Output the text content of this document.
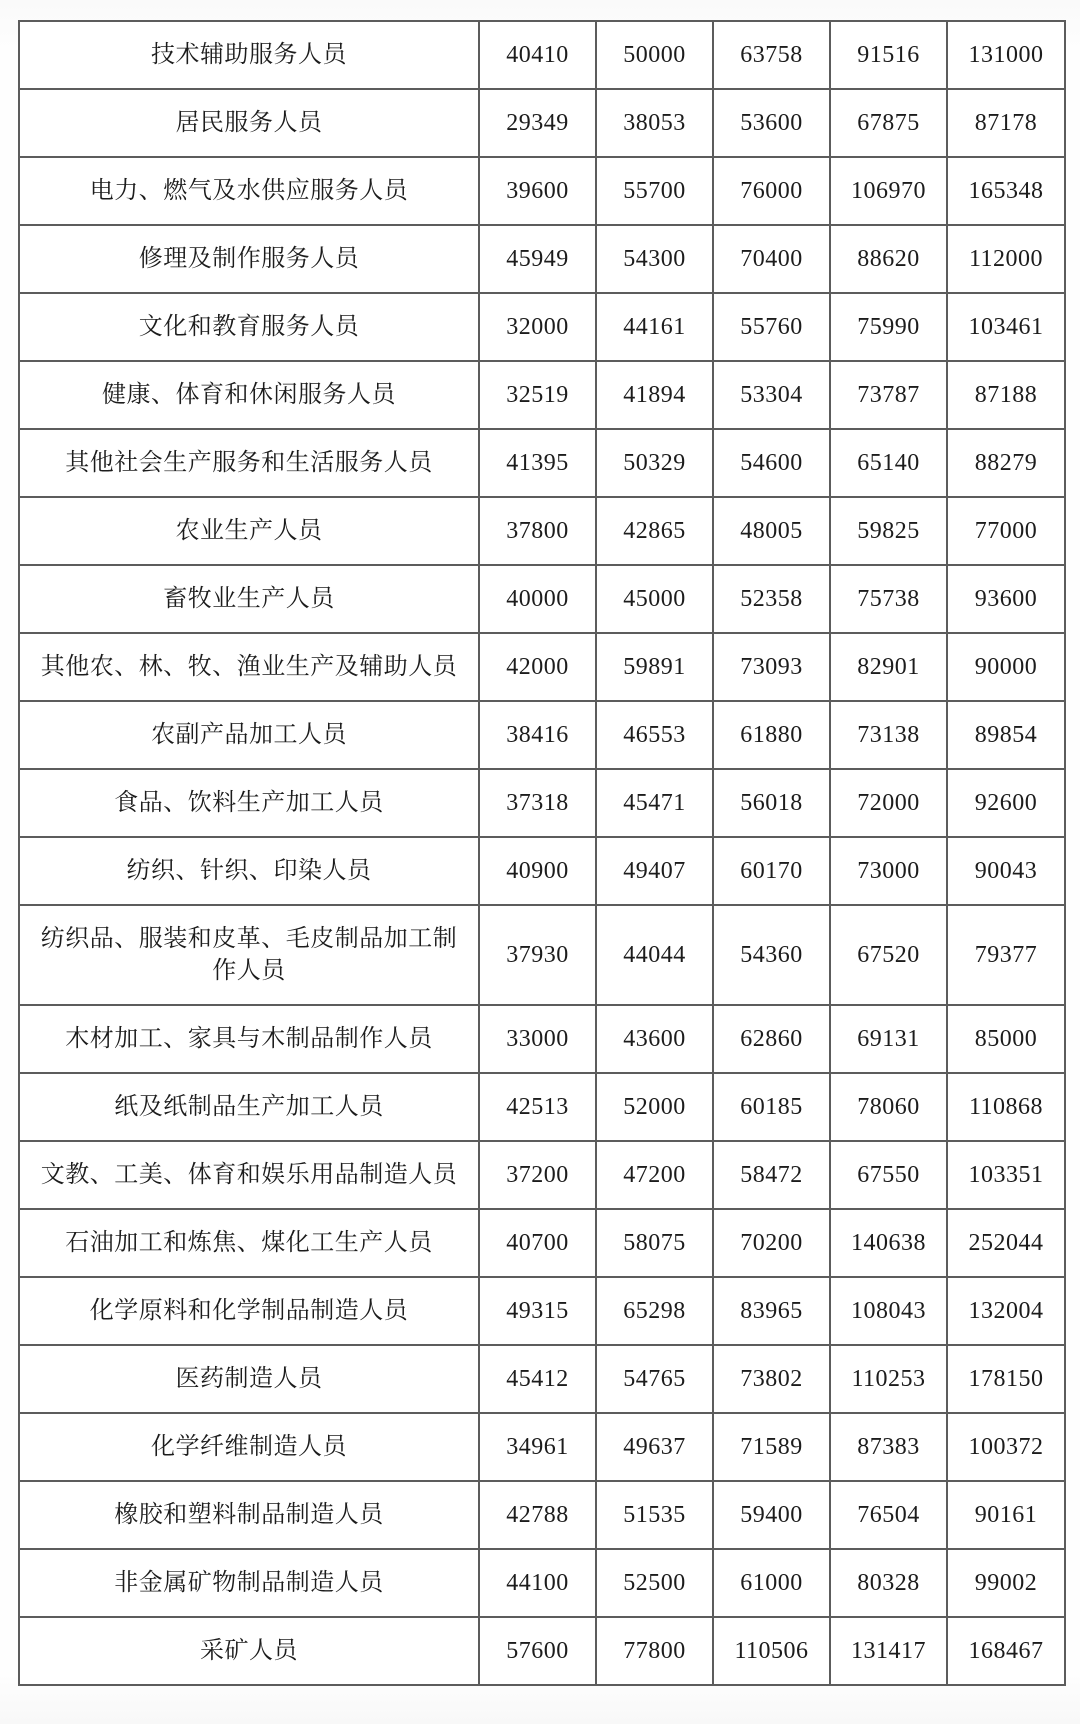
技术辅助服务人员	40410	50000	63758	91516	131000
居民服务人员	29349	38053	53600	67875	87178
电力、燃气及水供应服务人员	39600	55700	76000	106970	165348
修理及制作服务人员	45949	54300	70400	88620	112000
文化和教育服务人员	32000	44161	55760	75990	103461
健康、体育和休闲服务人员	32519	41894	53304	73787	87188
其他社会生产服务和生活服务人员	41395	50329	54600	65140	88279
农业生产人员	37800	42865	48005	59825	77000
畜牧业生产人员	40000	45000	52358	75738	93600
其他农、林、牧、渔业生产及辅助人员	42000	59891	73093	82901	90000
农副产品加工人员	38416	46553	61880	73138	89854
食品、饮料生产加工人员	37318	45471	56018	72000	92600
纺织、针织、印染人员	40900	49407	60170	73000	90043
纺织品、服装和皮革、毛皮制品加工制作人员	37930	44044	54360	67520	79377
木材加工、家具与木制品制作人员	33000	43600	62860	69131	85000
纸及纸制品生产加工人员	42513	52000	60185	78060	110868
文教、工美、体育和娱乐用品制造人员	37200	47200	58472	67550	103351
石油加工和炼焦、煤化工生产人员	40700	58075	70200	140638	252044
化学原料和化学制品制造人员	49315	65298	83965	108043	132004
医药制造人员	45412	54765	73802	110253	178150
化学纤维制造人员	34961	49637	71589	87383	100372
橡胶和塑料制品制造人员	42788	51535	59400	76504	90161
非金属矿物制品制造人员	44100	52500	61000	80328	99002
采矿人员	57600	77800	110506	131417	168467
